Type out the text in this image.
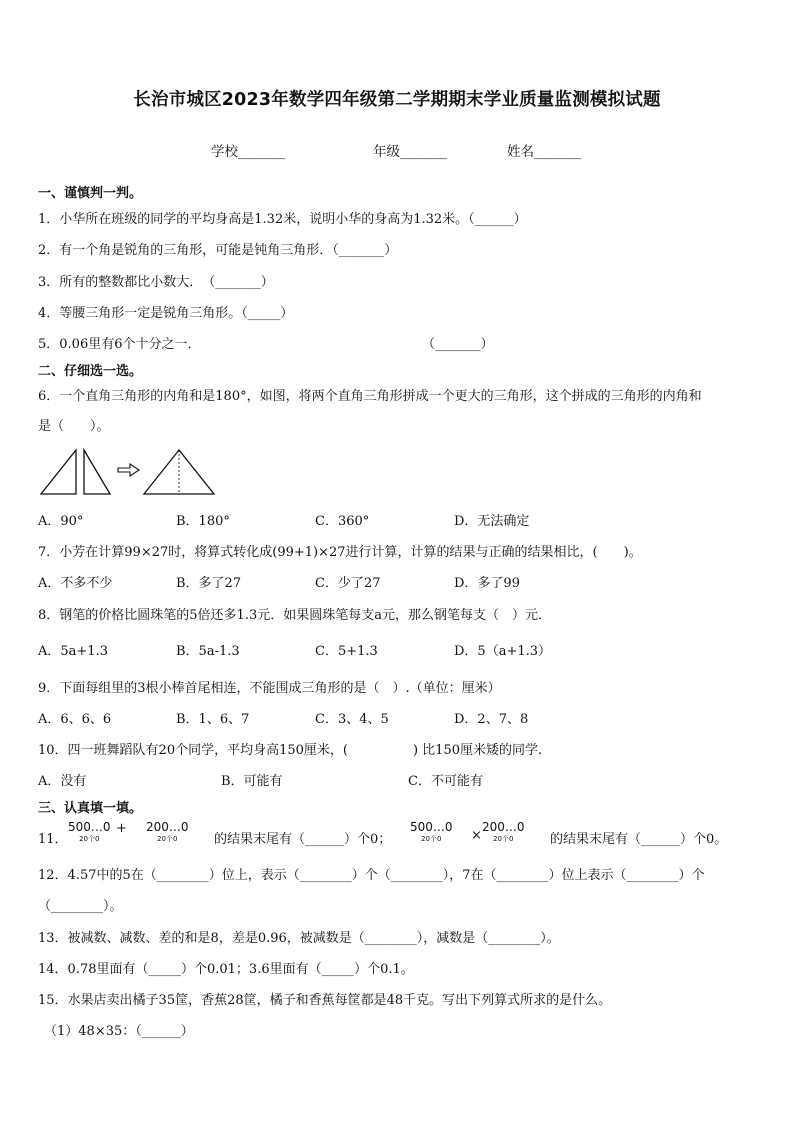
长治市城区2023年数学四年级第二学期期末学业质量监测模拟试题
学校_______	年级_______	姓名_______
一、谨慎判一判。
1．小华所在班级的同学的平均身高是1.32米，说明小华的身高为1.32米。（______）
2．有一个角是锐角的三角形，可能是钝角三角形．（_______）
3．所有的整数都比小数大．　（_______）
4．等腰三角形一定是锐角三角形。（_____）
5．0.06里有6个十分之一．	（_______）
二、仔细选一选。
6．一个直角三角形的内角和是180°，如图，将两个直角三角形拼成一个更大的三角形，这个拼成的三角形的内角和
是（　　）。
A．90°	B．180°	C．360°	D．无法确定
7．小芳在计算99×27时，将算式转化成(99+1)×27进行计算，计算的结果与正确的结果相比，(　　)。
A．不多不少	B．多了27	C．少了27	D．多了99
8．钢笔的价格比圆珠笔的5倍还多1.3元．如果圆珠笔每支a元，那么钢笔每支（　）元．
A．5a+1.3	B．5a-1.3	C．5+1.3	D．5（a+1.3）
9．下面每组里的3根小棒首尾相连，不能围成三角形的是（　）.（单位：厘米）
A．6、6、6	B．1、6、7	C．3、4、5	D．2、7、8
10．四一班舞蹈队有20个同学，平均身高150厘米，(　　　　　) 比150厘米矮的同学.
A．没有	B．可能有	C．不可能有
三、认真填一填。
11．
500…0
20个0
+ 200…0
20个0	的结果末尾有（______）个0；
500…0
20个0	×
200…0
20个0	的结果末尾有（______）个0。
12．4.57中的5在（________）位上，表示（________）个（________），7在（________）位上表示（________）个
（________）。
13．被减数、减数、差的和是8，差是0.96，被减数是（________），减数是（________）。
14．0.78里面有（_____）个0.01；3.6里面有（_____）个0.1。
15．水果店卖出橘子35筐，香蕉28筐，橘子和香蕉每筐都是48千克。写出下列算式所求的是什么。
（1）48×35：（______）
